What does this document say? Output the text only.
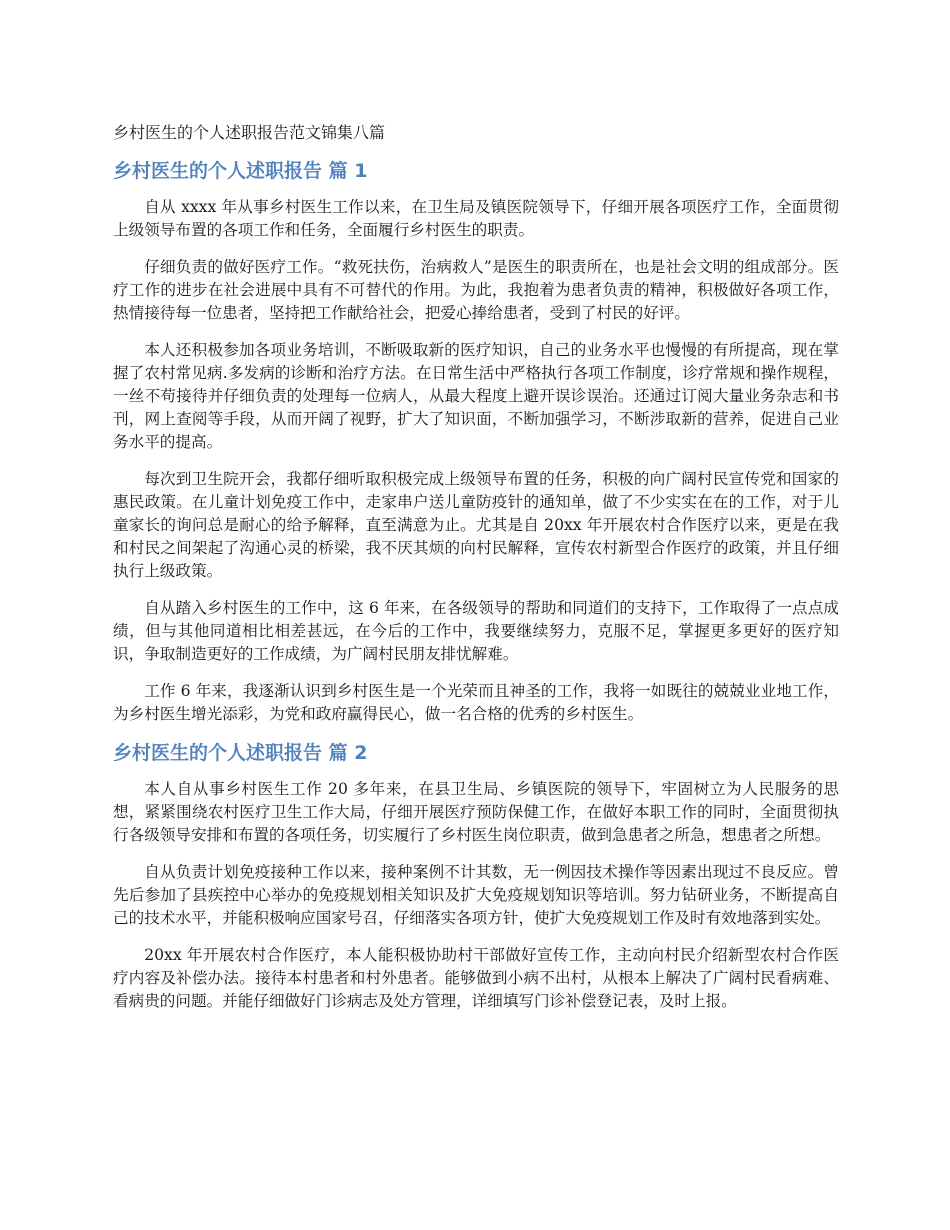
乡村医生的个人述职报告范文锦集八篇
乡村医生的个人述职报告 篇 1

自从 xxxx 年从事乡村医生工作以来，在卫生局及镇医院领导下，仔细开展各项医疗工作，全面贯彻上级领导布置的各项工作和任务，全面履行乡村医生的职责。

仔细负责的做好医疗工作。“救死扶伤，治病救人”是医生的职责所在，也是社会文明的组成部分。医疗工作的进步在社会进展中具有不可替代的作用。为此，我抱着为患者负责的精神，积极做好各项工作，热情接待每一位患者，坚持把工作献给社会，把爱心捧给患者，受到了村民的好评。

本人还积极参加各项业务培训，不断吸取新的医疗知识，自己的业务水平也慢慢的有所提高，现在掌握了农村常见病.多发病的诊断和治疗方法。在日常生活中严格执行各项工作制度，诊疗常规和操作规程，一丝不苟接待并仔细负责的处理每一位病人，从最大程度上避开误诊误治。还通过订阅大量业务杂志和书刊，网上查阅等手段，从而开阔了视野，扩大了知识面，不断加强学习，不断涉取新的营养，促进自己业务水平的提高。

每次到卫生院开会，我都仔细听取积极完成上级领导布置的任务，积极的向广阔村民宣传党和国家的惠民政策。在儿童计划免疫工作中，走家串户送儿童防疫针的通知单，做了不少实实在在的工作，对于儿童家长的询问总是耐心的给予解释，直至满意为止。尤其是自 20xx 年开展农村合作医疗以来，更是在我和村民之间架起了沟通心灵的桥梁，我不厌其烦的向村民解释，宣传农村新型合作医疗的政策，并且仔细执行上级政策。

自从踏入乡村医生的工作中，这 6 年来，在各级领导的帮助和同道们的支持下，工作取得了一点点成绩，但与其他同道相比相差甚远，在今后的工作中，我要继续努力，克服不足，掌握更多更好的医疗知识，争取制造更好的工作成绩，为广阔村民朋友排忧解难。

工作 6 年来，我逐渐认识到乡村医生是一个光荣而且神圣的工作，我将一如既往的兢兢业业地工作，为乡村医生增光添彩，为党和政府赢得民心，做一名合格的优秀的乡村医生。

乡村医生的个人述职报告 篇 2

本人自从事乡村医生工作 20 多年来，在县卫生局、乡镇医院的领导下，牢固树立为人民服务的思想，紧紧围绕农村医疗卫生工作大局，仔细开展医疗预防保健工作，在做好本职工作的同时，全面贯彻执行各级领导安排和布置的各项任务，切实履行了乡村医生岗位职责，做到急患者之所急，想患者之所想。

自从负责计划免疫接种工作以来，接种案例不计其数，无一例因技术操作等因素出现过不良反应。曾先后参加了县疾控中心举办的免疫规划相关知识及扩大免疫规划知识等培训。努力钻研业务，不断提高自己的技术水平，并能积极响应国家号召，仔细落实各项方针，使扩大免疫规划工作及时有效地落到实处。

20xx 年开展农村合作医疗，本人能积极协助村干部做好宣传工作，主动向村民介绍新型农村合作医疗内容及补偿办法。接待本村患者和村外患者。能够做到小病不出村，从根本上解决了广阔村民看病难、看病贵的问题。并能仔细做好门诊病志及处方管理，详细填写门诊补偿登记表，及时上报。
